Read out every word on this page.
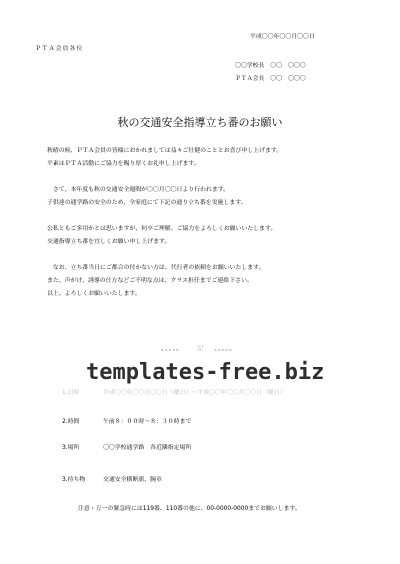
平成〇〇年〇〇月〇〇日
ＰＴＡ会員各位
〇〇学校長　〇〇　〇〇〇
ＰＴＡ会長　〇〇　〇〇〇
秋の交通安全指導立ち番のお願い
秋晴の候、ＰＴＡ会員の皆様におかれましては益々ご壮健のこととお喜び申し上げます。
平素はＰＴＡ活動にご協力を賜り厚くお礼申し上げます。
　さて、本年度も秋の交通安全週間が〇〇月〇〇日より行われます。
子供達の通学路の安全のため、全家庭にて下記の通り立ち番を実施します。
公私ともご多用かとは思いますが、何卒ご理解、ご協力をよろしくお願いいたします。
交通指導立ち番を宜しくお願い申し上げます。
　なお、立ち番当日にご都合の付かない方は、代行者の依頼をお願いいたします。
また、声がけ、誘導の仕方などご不明な点は、クラス担任までご連絡下さい。
以上、よろしくお願いいたします。
▪▪▪▪▪	記	▪▪▪▪▪
templates-free.biz
1.日時	平成〇〇年〇〇月〇〇日（曜日）〜平成〇〇年〇〇月〇〇日（曜日）
2.時間	午前８：００時〜８：３０時まで
3.場所	〇〇学校通学路　各近隣指定場所
3.持ち物	交通安全横断旗、腕章
注意・万一の緊急時には119番、110番の他に、00-0000-0000までお願いします。
